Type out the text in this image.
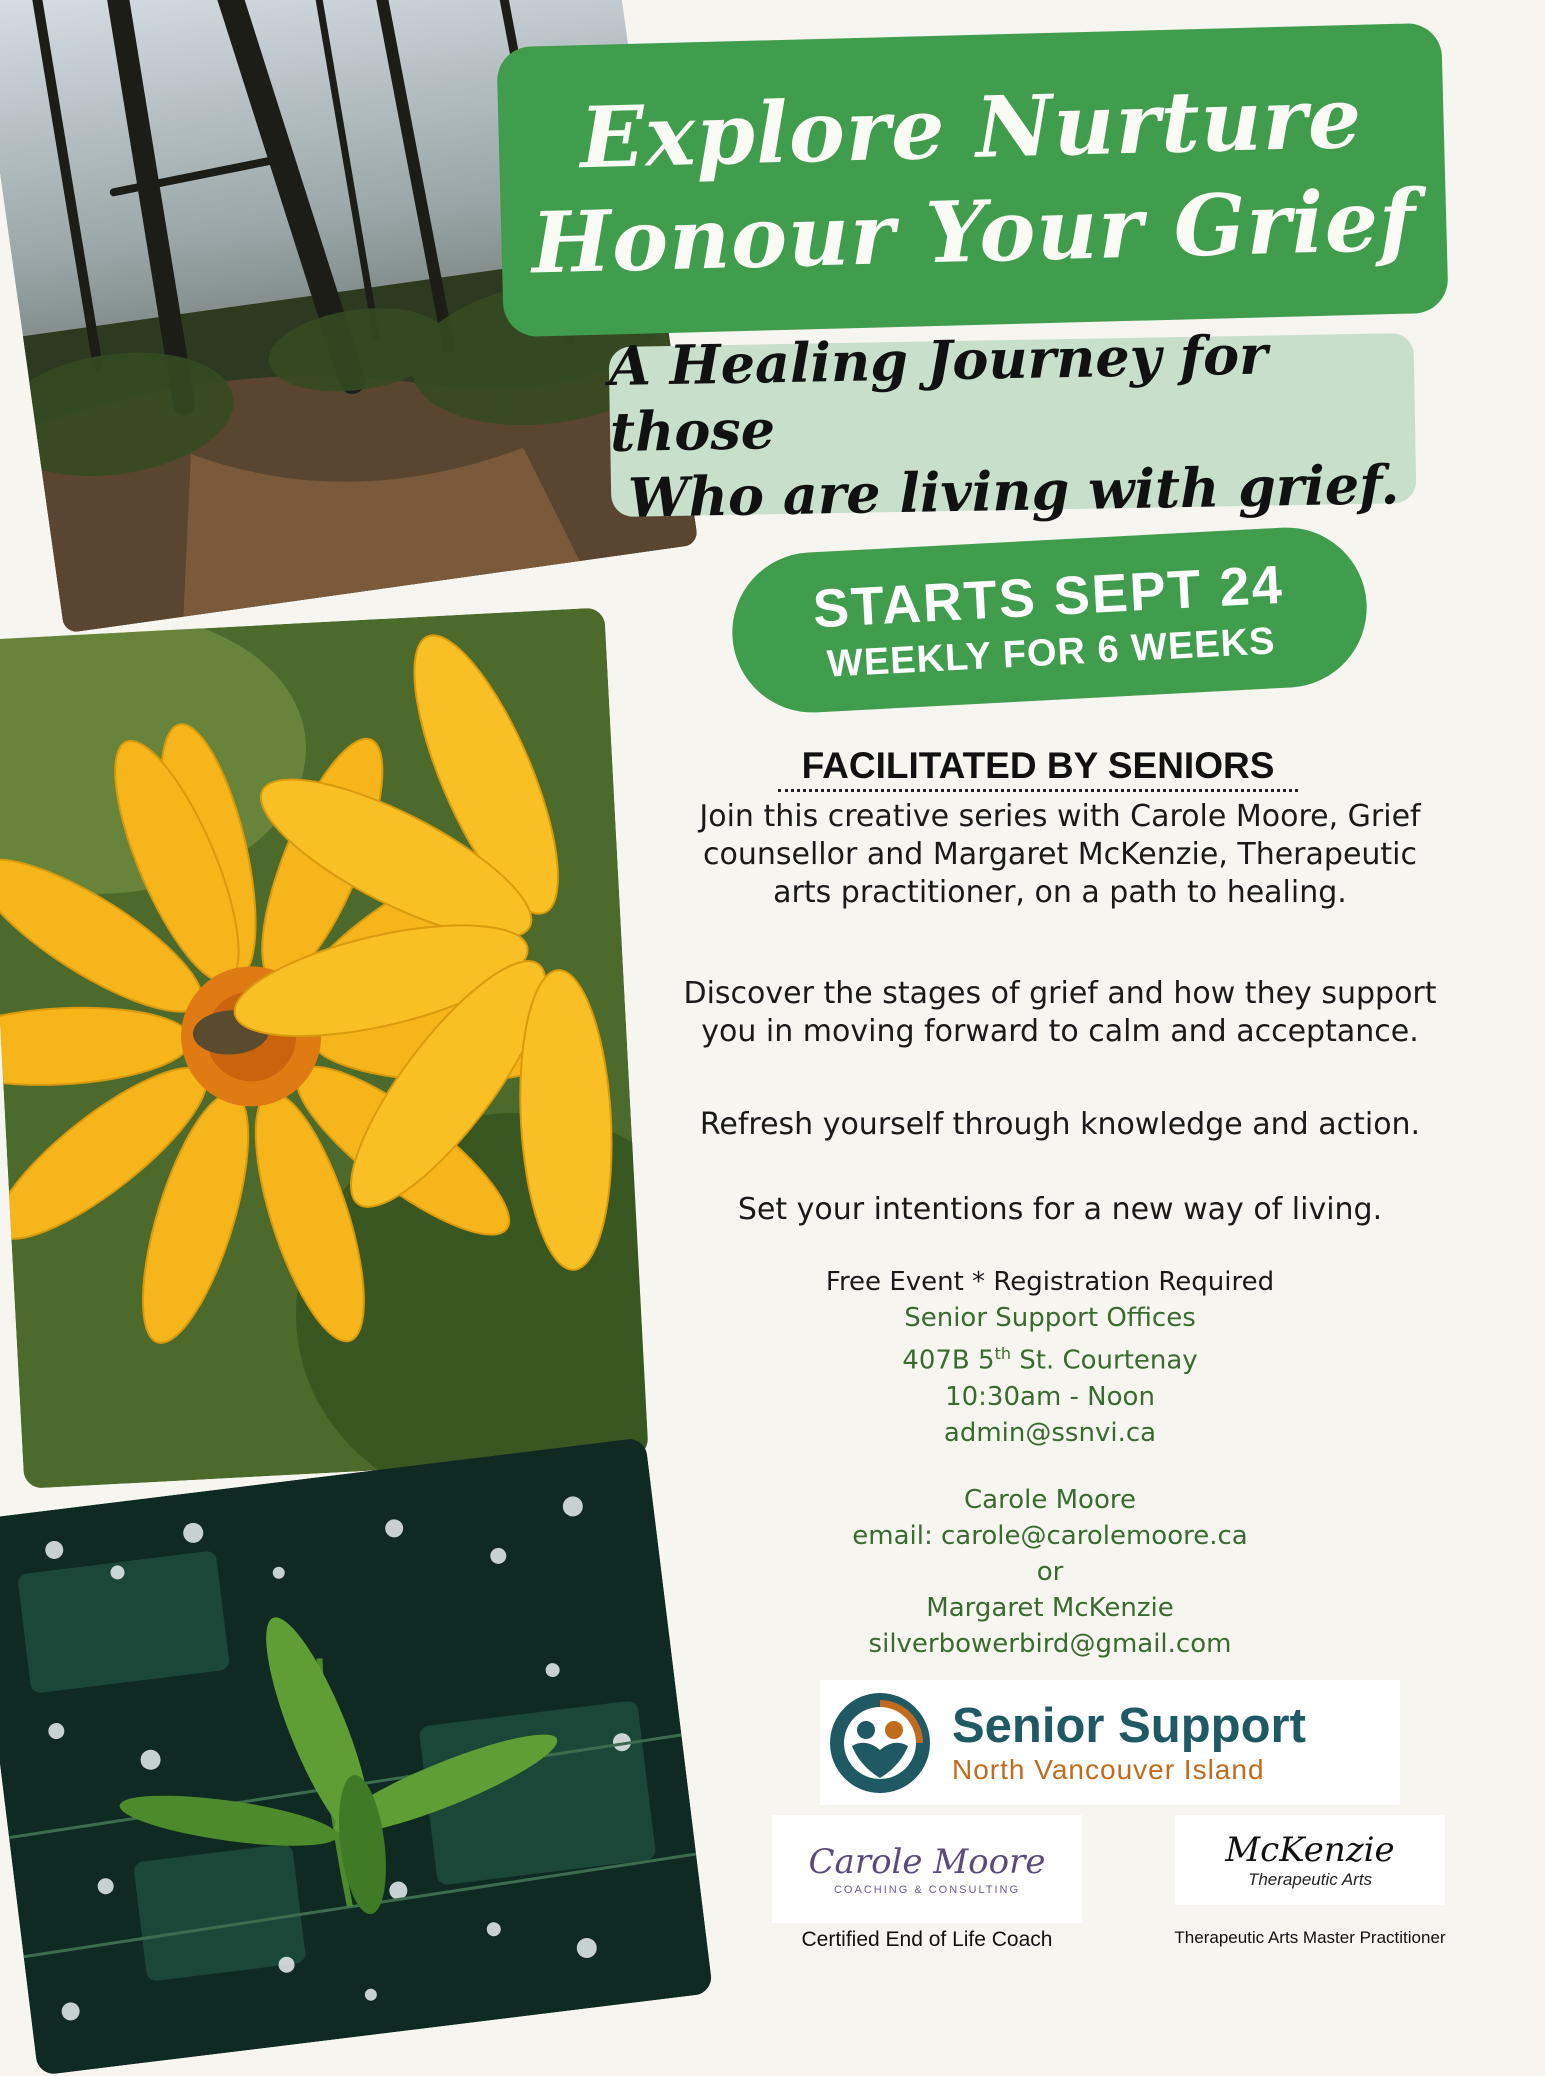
Explore Nurture
Honour Your Grief
A Healing Journey for those
Who are living with grief.
STARTS SEPT 24
WEEKLY FOR 6 WEEKS
FACILITATED BY SENIORS
Join this creative series with Carole Moore, Grief
counsellor and Margaret McKenzie, Therapeutic
arts practitioner, on a path to healing.
Discover the stages of grief and how they support
you in moving forward to calm and acceptance.
Refresh yourself through knowledge and action.
Set your intentions for a new way of living.
Free Event * Registration Required
Senior Support Offices
407B 5th St. Courtenay
10:30am - Noon
admin@ssnvi.ca
Carole Moore
email: carole@carolemoore.ca
or
Margaret McKenzie
silverbowerbird@gmail.com
Senior Support
North Vancouver Island
Carole Moore
COACHING & CONSULTING
McKenzie
Therapeutic Arts
Certified End of Life Coach	Therapeutic Arts Master Practitioner
